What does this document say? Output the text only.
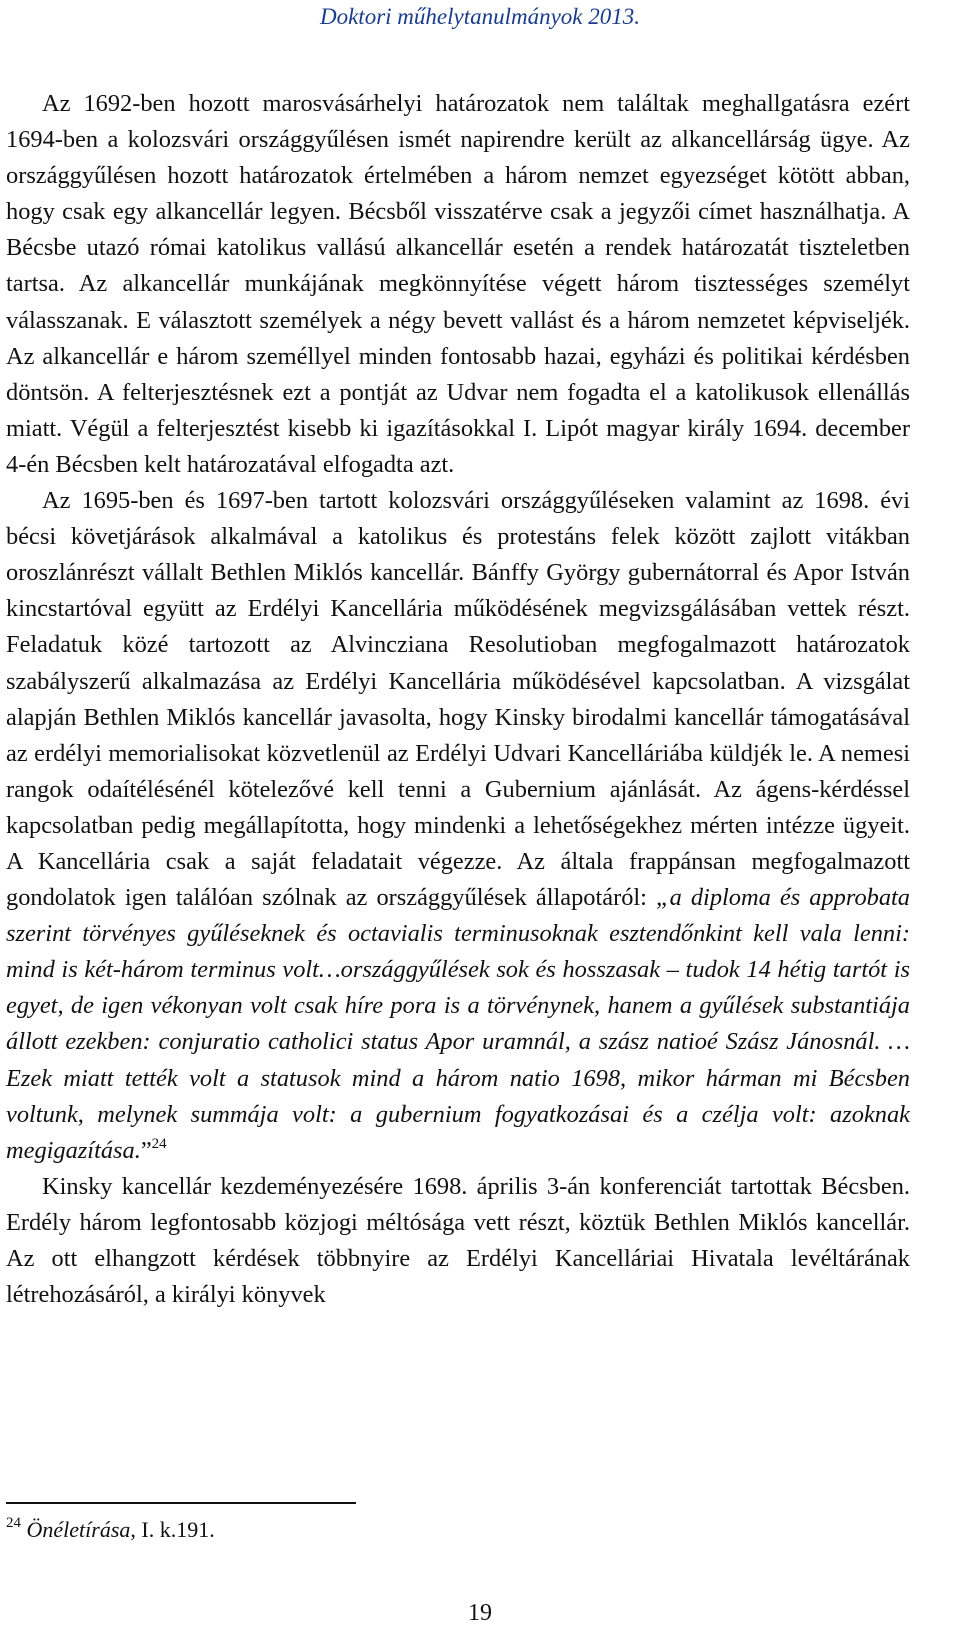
Doktori műhelytanulmányok 2013.

Az 1692-ben hozott marosvásárhelyi határozatok nem találtak meghallgatásra ezért 1694-ben a kolozsvári országgyűlésen ismét napirendre került az alkancellárság ügye. Az országgyűlésen hozott határozatok értelmében a három nemzet egyezséget kötött abban, hogy csak egy alkancellár legyen. Bécsből visszatérve csak a jegyzői címet használhatja. A Bécsbe utazó római katolikus vallású alkancellár esetén a rendek határozatát tiszteletben tartsa. Az alkancellár munkájának megkönnyítése végett három tisztességes személyt válasszanak. E választott személyek a négy bevett vallást és a három nemzetet képviseljék. Az alkancellár e három személlyel minden fontosabb hazai, egyházi és politikai kérdésben döntsön. A felterjesztésnek ezt a pontját az Udvar nem fogadta el a katolikusok ellenállás miatt. Végül a felterjesztést kisebb ki igazításokkal I. Lipót magyar király 1694. december 4-én Bécsben kelt határozatával elfogadta azt.

Az 1695-ben és 1697-ben tartott kolozsvári országgyűléseken valamint az 1698. évi bécsi követjárások alkalmával a katolikus és protestáns felek között zajlott vitákban oroszlánrészt vállalt Bethlen Miklós kancellár. Bánffy György gubernátorral és Apor István kincstartóval együtt az Erdélyi Kancellária működésének megvizsgálásában vettek részt. Feladatuk közé tartozott az Alvincziana Resolutioban megfogalmazott határozatok szabályszerű alkalmazása az Erdélyi Kancellária működésével kapcsolatban. A vizsgálat alapján Bethlen Miklós kancellár javasolta, hogy Kinsky birodalmi kancellár támogatásával az erdélyi memorialisokat közvetlenül az Erdélyi Udvari Kancelláriába küldjék le. A nemesi rangok odaítélésénél kötelezővé kell tenni a Gubernium ajánlását. Az ágens-kérdéssel kapcsolatban pedig megállapította, hogy mindenki a lehetőségekhez mérten intézze ügyeit. A Kancellária csak a saját feladatait végezze. Az általa frappánsan megfogalmazott gondolatok igen találóan szólnak az országgyűlések állapotáról: „a diploma és approbata szerint törvényes gyűléseknek és octavialis terminusoknak esztendőnkint kell vala lenni: mind is két-három terminus volt…országgyűlések sok és hosszasak – tudok 14 hétig tartót is egyet, de igen vékonyan volt csak híre pora is a törvénynek, hanem a gyűlések substantiája állott ezekben: conjuratio catholici status Apor uramnál, a szász natioé Szász Jánosnál. …Ezek miatt tették volt a statusok mind a három natio 1698, mikor hárman mi Bécsben voltunk, melynek summája volt: a gubernium fogyatkozásai és a czélja volt: azoknak megigazítása.”$^{24}$

Kinsky kancellár kezdeményezésére 1698. április 3-án konferenciát tartottak Bécsben. Erdély három legfontosabb közjogi méltósága vett részt, köztük Bethlen Miklós kancellár. Az ott elhangzott kérdések többnyire az Erdélyi Kancelláriai Hivatala levéltárának létrehozásáról, a királyi könyvek

$^{24}$ Önéletírása, I. k.191.
19
